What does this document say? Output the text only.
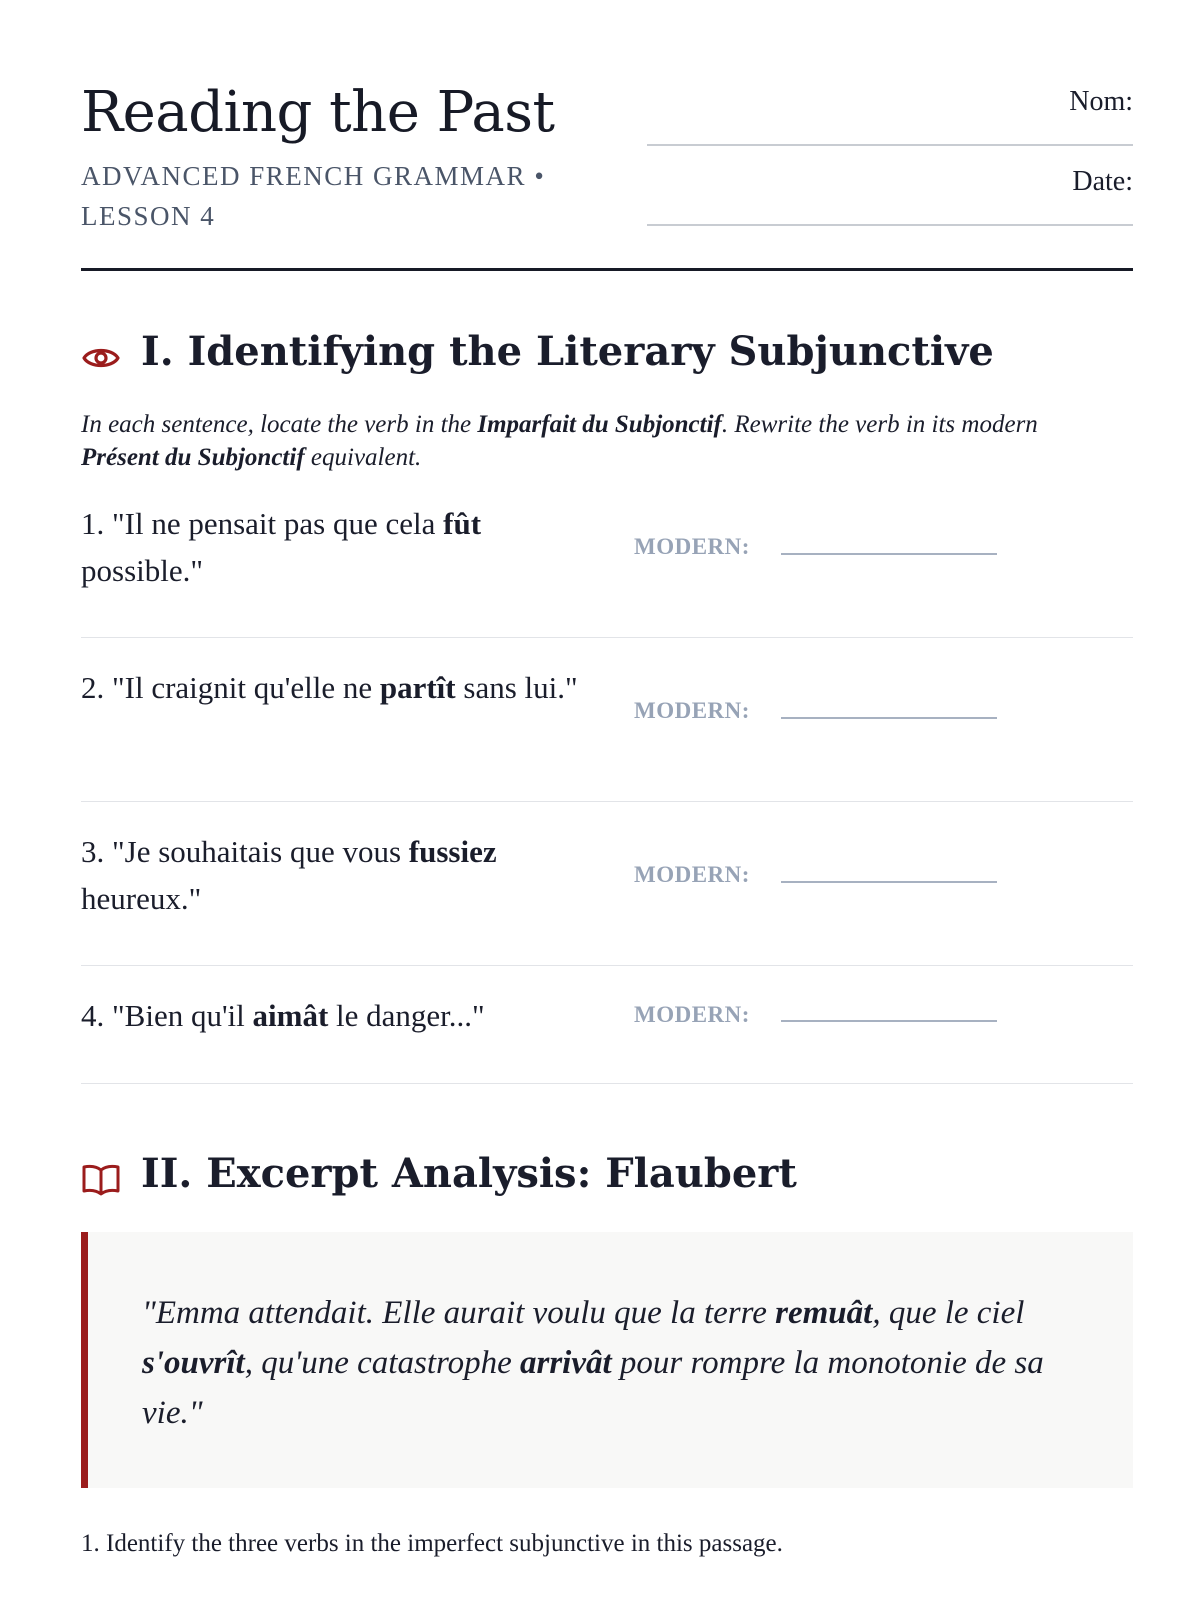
Reading the Past
ADVANCED FRENCH GRAMMAR • LESSON 4
Nom:
Date:
I. Identifying the Literary Subjunctive

In each sentence, locate the verb in the Imparfait du Subjonctif. Rewrite the verb in its modern Présent du Subjonctif equivalent.

1. "Il ne pensait pas que cela fût possible."
MODERN:
2. "Il craignit qu'elle ne partît sans lui."
MODERN:
3. "Je souhaitais que vous fussiez heureux."
MODERN:
4. "Bien qu'il aimât le danger..."	MODERN:
II. Excerpt Analysis: Flaubert

"Emma attendait. Elle aurait voulu que la terre remuât, que le ciel s'ouvrît, qu'une catastrophe arrivât pour rompre la monotonie de sa vie."

1. Identify the three verbs in the imperfect subjunctive in this passage.
